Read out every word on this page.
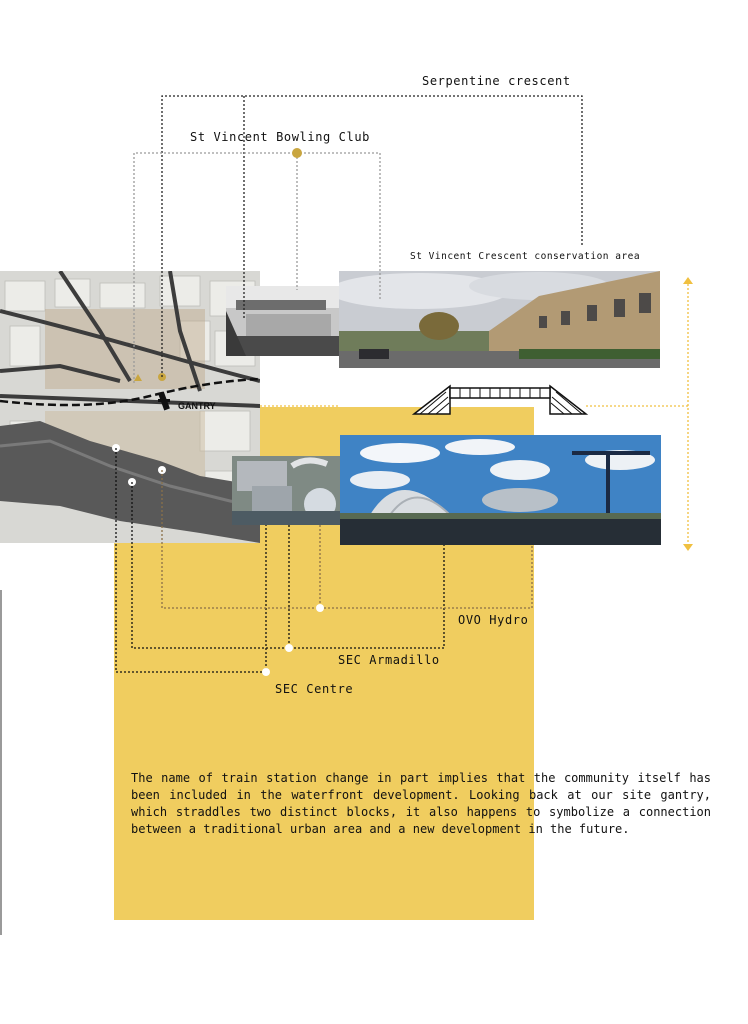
GANTRY
Serpentine crescent
St Vincent Bowling Club
St Vincent Crescent conservation area
OVO Hydro
SEC Armadillo
SEC Centre

The name of train station change in part implies that the community itself has been included in the waterfront development. Looking back at our site gantry, which straddles two distinct blocks, it also happens to symbolize a connection between a traditional urban area and a new development in the future.
